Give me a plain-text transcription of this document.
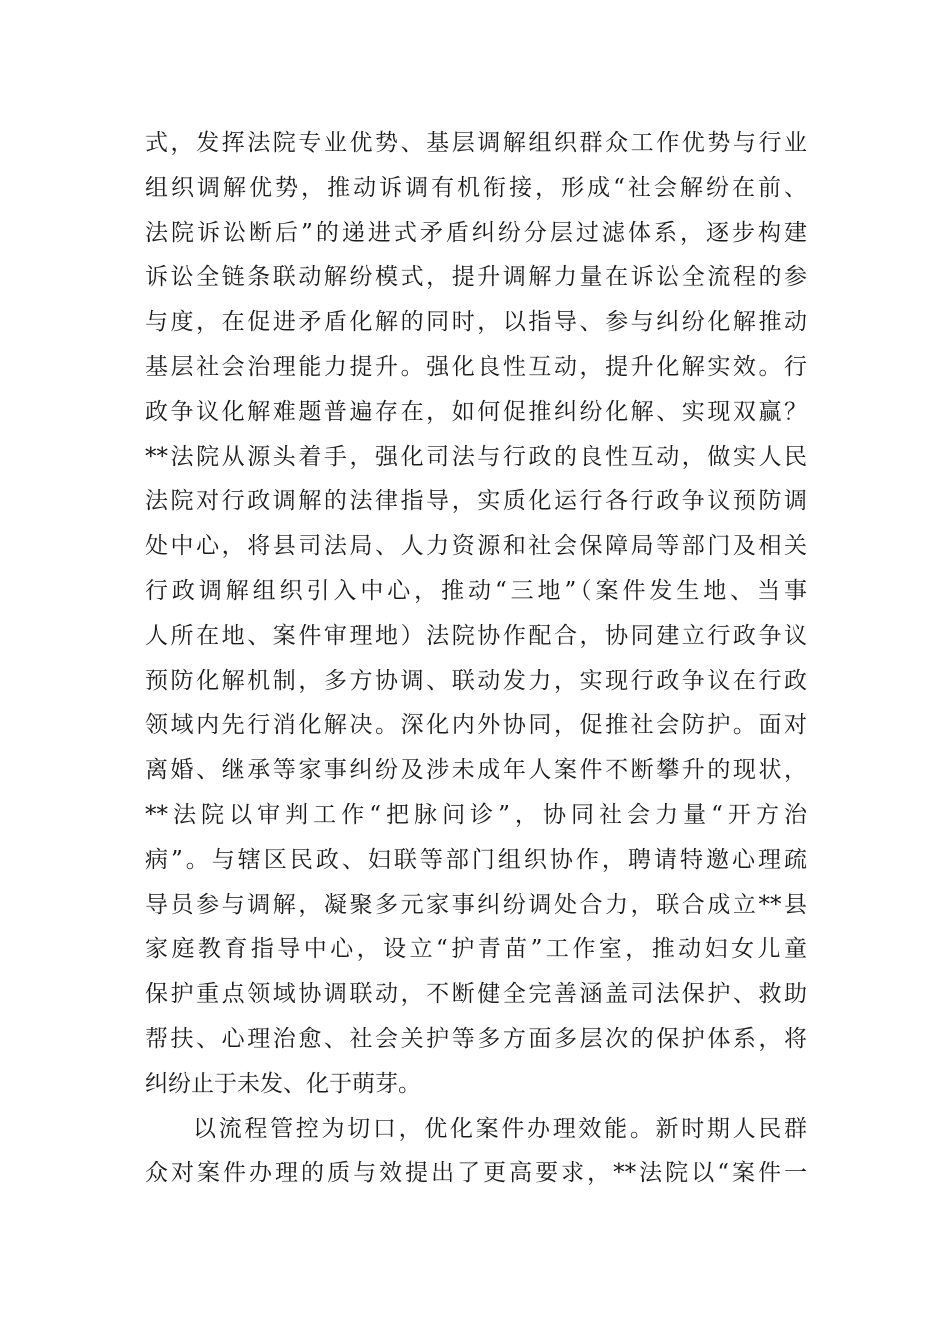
式，发挥法院专业优势、基层调解组织群众工作优势与行业
组织调解优势，推动诉调有机衔接，形成“社会解纷在前、
法院诉讼断后”的递进式矛盾纠纷分层过滤体系，逐步构建
诉讼全链条联动解纷模式，提升调解力量在诉讼全流程的参
与度，在促进矛盾化解的同时，以指导、参与纠纷化解推动
基层社会治理能力提升。强化良性互动，提升化解实效。行
政争议化解难题普遍存在，如何促推纠纷化解、实现双赢？
**法院从源头着手，强化司法与行政的良性互动，做实人民
法院对行政调解的法律指导，实质化运行各行政争议预防调
处中心，将县司法局、人力资源和社会保障局等部门及相关
行政调解组织引入中心，推动“三地”（案件发生地、当事
人所在地、案件审理地）法院协作配合，协同建立行政争议
预防化解机制，多方协调、联动发力，实现行政争议在行政
领域内先行消化解决。深化内外协同，促推社会防护。面对
离婚、继承等家事纠纷及涉未成年人案件不断攀升的现状，
**法院以审判工作“把脉问诊”，协同社会力量“开方治
病”。与辖区民政、妇联等部门组织协作，聘请特邀心理疏
导员参与调解，凝聚多元家事纠纷调处合力，联合成立**县
家庭教育指导中心，设立“护青苗”工作室，推动妇女儿童
保护重点领域协调联动，不断健全完善涵盖司法保护、救助
帮扶、心理治愈、社会关护等多方面多层次的保护体系，将
纠纷止于未发、化于萌芽。
以流程管控为切口，优化案件办理效能。新时期人民群
众对案件办理的质与效提出了更高要求，**法院以“案件一
